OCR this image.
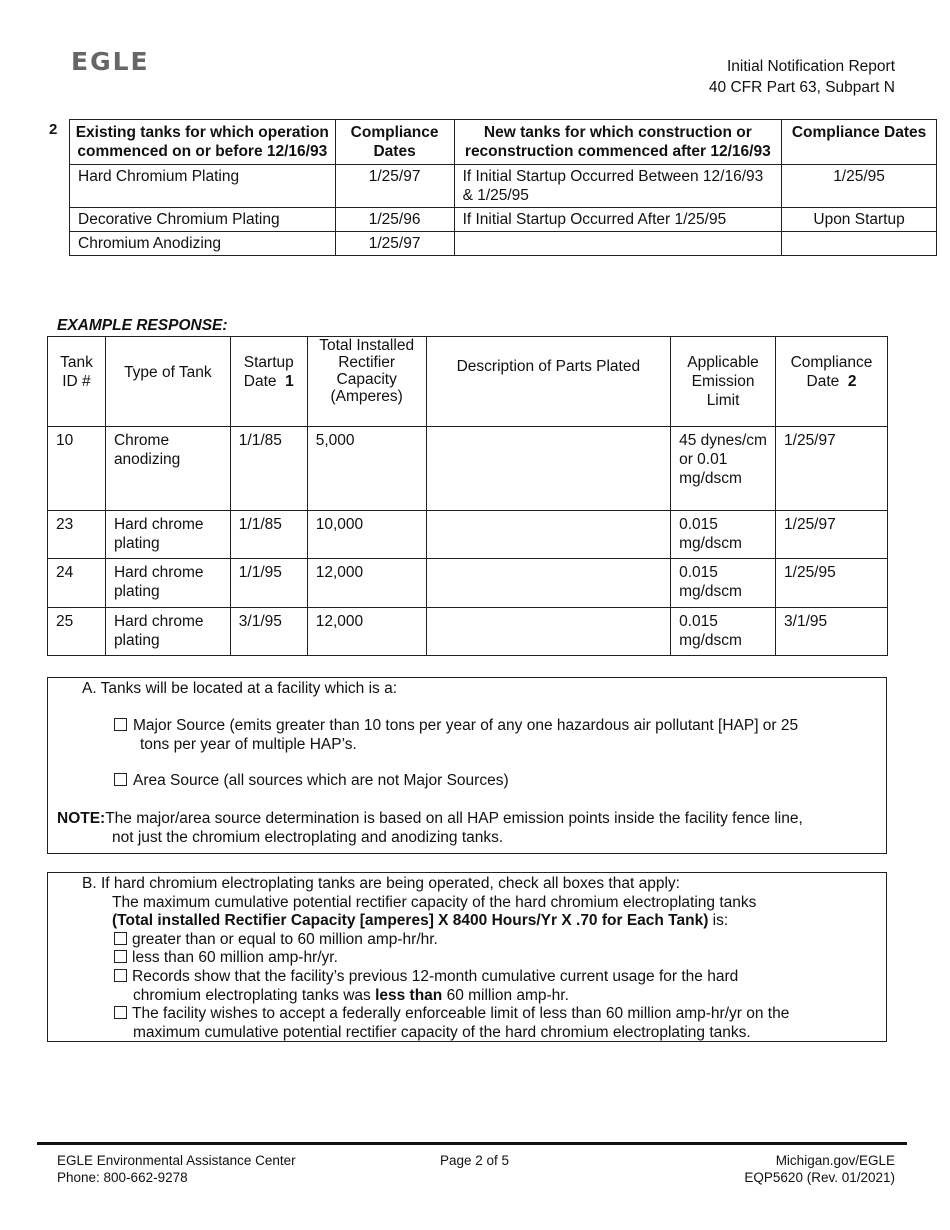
EGLE	Initial Notification Report
40 CFR Part 63, Subpart N
2 Existing tanks for which operation commenced on or before 12/16/93	Compliance Dates	New tanks for which construction or reconstruction commenced after 12/16/93	Compliance Dates
Hard Chromium Plating	1/25/97	If Initial Startup Occurred Between 12/16/93 & 1/25/95	1/25/95
Decorative Chromium Plating	1/25/96	If Initial Startup Occurred After 1/25/95	Upon Startup
Chromium Anodizing	1/25/97		
EXAMPLE RESPONSE:
Tank ID #	Type of Tank	Startup Date 1	Total Installed Rectifier Capacity (Amperes)	Description of Parts Plated	Applicable Emission Limit	Compliance Date 2
10	Chrome anodizing	1/1/85	5,000		45 dynes/cm or 0.01 mg/dscm	1/25/97
23	Hard chrome plating	1/1/85	10,000		0.015 mg/dscm	1/25/97
24	Hard chrome plating	1/1/95	12,000		0.015 mg/dscm	1/25/95
25	Hard chrome plating	3/1/95	12,000		0.015 mg/dscm	3/1/95
A. Tanks will be located at a facility which is a:
Major Source (emits greater than 10 tons per year of any one hazardous air pollutant [HAP] or 25
tons per year of multiple HAP’s.
Area Source (all sources which are not Major Sources)
NOTE:The major/area source determination is based on all HAP emission points inside the facility fence line,
not just the chromium electroplating and anodizing tanks.
B. If hard chromium electroplating tanks are being operated, check all boxes that apply:
The maximum cumulative potential rectifier capacity of the hard chromium electroplating tanks
(Total installed Rectifier Capacity [amperes] X 8400 Hours/Yr X .70 for Each Tank) is:
greater than or equal to 60 million amp-hr/hr.
less than 60 million amp-hr/yr.
Records show that the facility’s previous 12-month cumulative current usage for the hard
chromium electroplating tanks was less than 60 million amp-hr.
The facility wishes to accept a federally enforceable limit of less than 60 million amp-hr/yr on the
maximum cumulative potential rectifier capacity of the hard chromium electroplating tanks.
EGLE Environmental Assistance Center
Phone: 800-662-9278
Page 2 of 5	Michigan.gov/EGLE
EQP5620 (Rev. 01/2021)
